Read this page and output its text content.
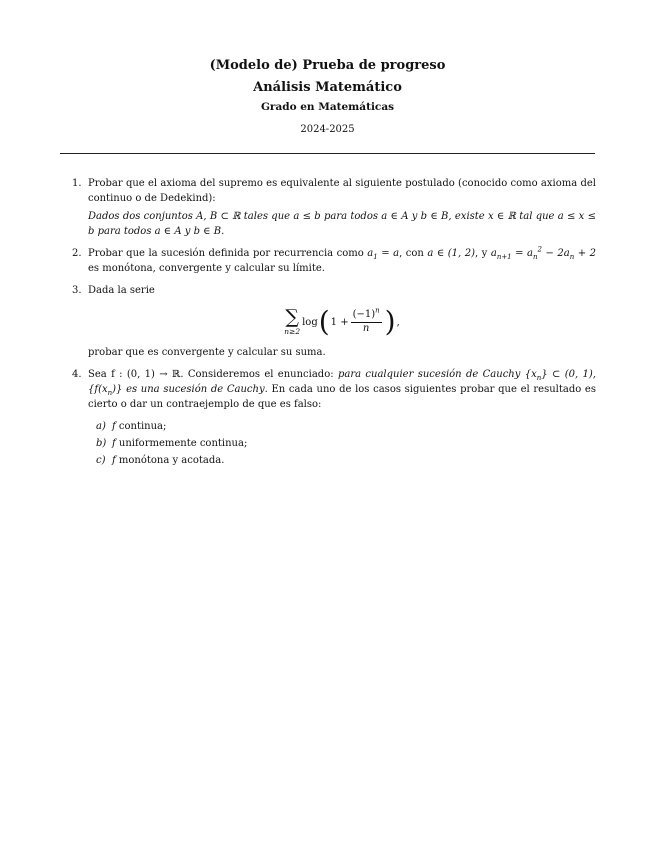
(Modelo de) Prueba de progreso
Análisis Matemático
Grado en Matemáticas
2024-2025
1. Probar que el axioma del supremo es equivalente al siguiente postulado (conocido como axioma del continuo o de Dedekind):

Dados dos conjuntos A, B ⊂ ℝ tales que a ≤ b para todos a ∈ A y b ∈ B, existe x ∈ ℝ tal que a ≤ x ≤ b para todos a ∈ A y b ∈ B.

2. Probar que la sucesión definida por recurrencia como $a_1 = a$, con a ∈ (1, 2), y $a_{n+1} = a_n^2 - 2a_n + 2$ es monótona, convergente y calcular su límite.

3. Dada la serie

∑
n≥2
log ( $1 + \frac{(-1)^n}{n}$ ) ,

probar que es convergente y calcular su suma.

4. Sea f : (0, 1) → ℝ. Consideremos el enunciado: para cualquier sucesión de Cauchy $\{x_n\}$ ⊂ (0, 1), $\{f(x_n)\}$ es una sucesión de Cauchy. En cada uno de los casos siguientes probar que el resultado es cierto o dar un contraejemplo de que es falso:

a) f continua;
b) f uniformemente continua;
c) f monótona y acotada.
